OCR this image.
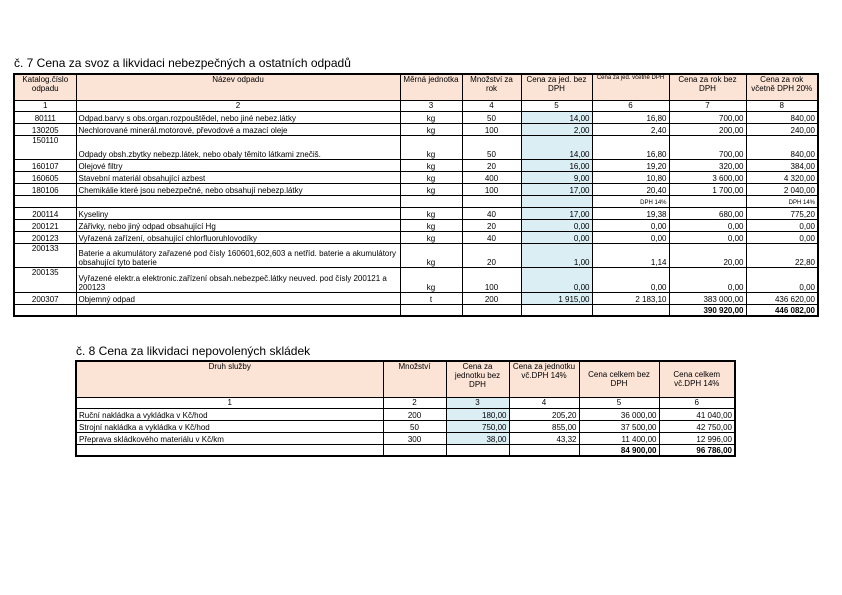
č. 7 Cena za svoz a likvidaci nebezpečných a ostatních odpadů
Katalog.číslo odpadu	Název odpadu	Měrná jednotka	Množství za rok	Cena za jed. bez DPH	Cena za jed. včetně DPH	Cena za rok bez DPH	Cena za rok včetně DPH 20%
1	2	3	4	5	6	7	8
80111	Odpad.barvy s obs.organ.rozpouštědel, nebo jiné nebez.látky	kg	50	14,00	16,80	700,00	840,00
130205	Nechlorované minerál.motorové, převodové a mazací oleje	kg	100	2,00	2,40	200,00	240,00
150110	Odpady obsh.zbytky nebezp.látek, nebo obaly těmito látkami znečiš.	kg	50	14,00	16,80	700,00	840,00
160107	Olejové filtry	kg	20	16,00	19,20	320,00	384,00
160605	Stavební materiál obsahující azbest	kg	400	9,00	10,80	3 600,00	4 320,00
180106	Chemikálie které jsou nebezpečné, nebo obsahují nebezp.látky	kg	100	17,00	20,40	1 700,00	2 040,00
					DPH 14%		DPH 14%
200114	Kyseliny	kg	40	17,00	19,38	680,00	775,20
200121	Zářivky, nebo jiný odpad obsahující Hg	kg	20	0,00	0,00	0,00	0,00
200123	Vyřazená zařízení, obsahující chlorfluoruhlovodíky	kg	40	0,00	0,00	0,00	0,00
200133	Baterie a akumulátory zařazené pod čísly 160601,602,603 a netříd. baterie a akumulátory obsahující tyto baterie	kg	20	1,00	1,14	20,00	22,80
200135	Vyřazené elektr.a elektronic.zařízení obsah.nebezpeč.látky neuved. pod čísly 200121 a 200123	kg	100	0,00	0,00	0,00	0,00
200307	Objemný odpad	t	200	1 915,00	2 183,10	383 000,00	436 620,00
						390 920,00	446 082,00
č. 8 Cena za likvidaci nepovolených skládek
Druh služby	Množství	Cena za jednotku bez DPH	Cena za jednotku vč.DPH 14%	Cena celkem bez DPH	Cena celkem vč.DPH 14%
1	2	3	4	5	6
Ruční nakládka a vykládka v Kč/hod	200	180,00	205,20	36 000,00	41 040,00
Strojní nakládka a vykládka v Kč/hod	50	750,00	855,00	37 500,00	42 750,00
Přeprava skládkového materiálu v Kč/km	300	38,00	43,32	11 400,00	12 996,00
				84 900,00	96 786,00
